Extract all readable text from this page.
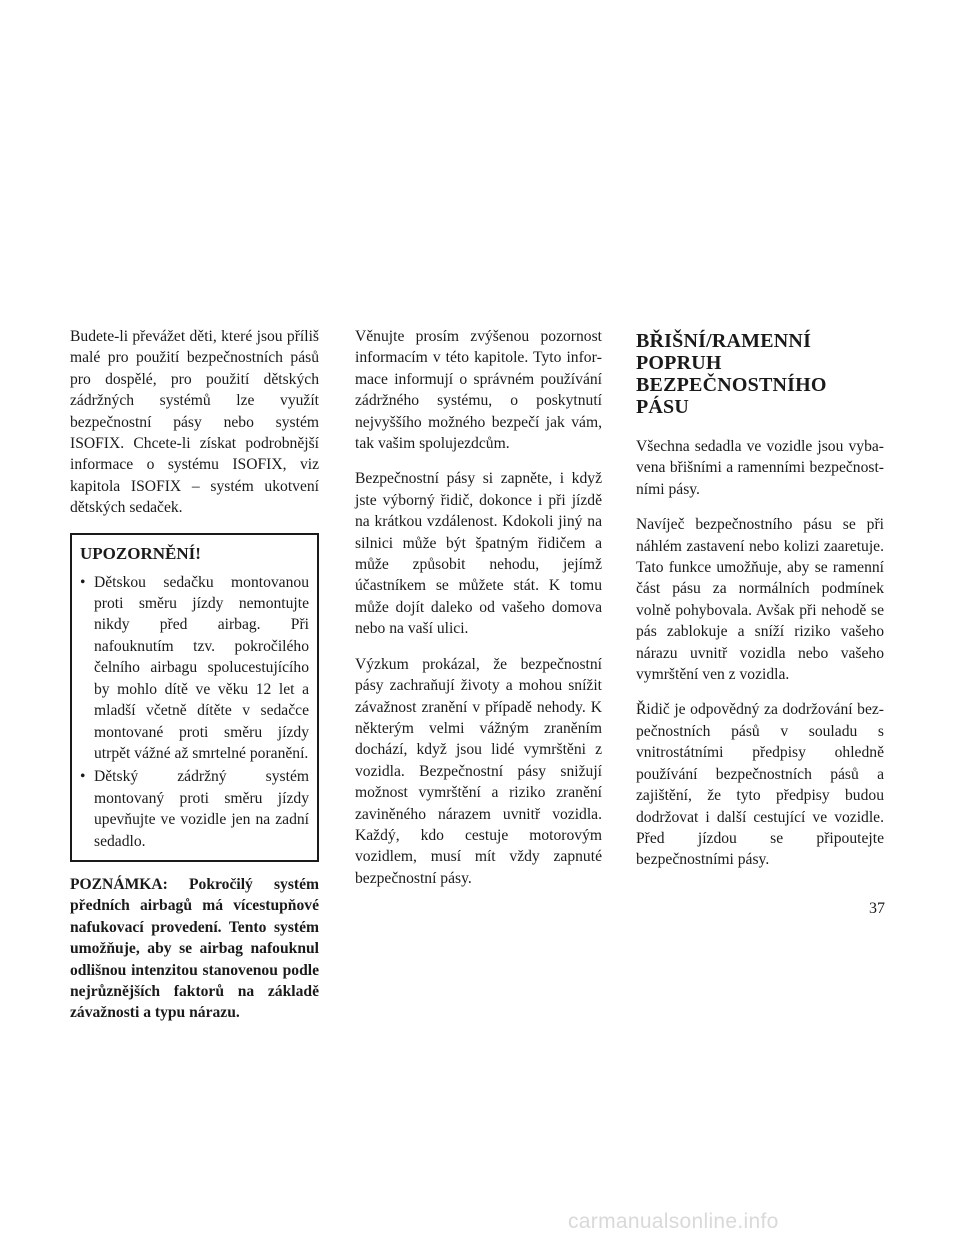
Budete-li převážet děti, které jsou příliš malé pro použití bezpečnostních pásů pro dospělé, pro použití dětských zádržných systémů lze využít bezpečnostní pásy nebo systém ISOFIX. Chcete-li získat podrobnější informace o systému ISOFIX, viz kapitola ISOFIX – systém ukotvení dětských sedaček.

UPOZORNĚNÍ!
• Dětskou sedačku montovanou proti směru jízdy nemontujte nikdy před airbag. Při nafouknutím tzv. pokročilého čelního airbagu spolucestujícího by mohlo dítě ve věku 12 let a mladší včetně dítěte v sedačce montované proti směru jízdy utrpět vážné až smrtelné poranění.
• Dětský zádržný systém montovaný proti směru jízdy upevňujte ve vozidle jen na zadní sedadlo.

POZNÁMKA: Pokročilý systém předních airbagů má vícestupňové nafukovací provedení. Tento systém umožňuje, aby se airbag nafouknul odlišnou intenzitou stanovenou podle nejrůznějších faktorů na základě závažnosti a typu nárazu.

Věnujte prosím zvýšenou pozornost informacím v této kapitole. Tyto informace informují o správném používání zádržného systému, o poskytnutí nejvyššího možného bezpečí jak vám, tak vašim spolujezdcům.

Bezpečnostní pásy si zapněte, i když jste výborný řidič, dokonce i při jízdě na krátkou vzdálenost. Kdokoli jiný na silnici může být špatným řidičem a může způsobit nehodu, jejímž účastníkem se můžete stát. K tomu může dojít daleko od vašeho domova nebo na vaší ulici.

Výzkum prokázal, že bezpečnostní pásy zachraňují životy a mohou snížit závažnost zranění v případě nehody. K některým velmi vážným zraněním dochází, když jsou lidé vymrštěni z vozidla. Bezpečnostní pásy snižují možnost vymrštění a riziko zranění zaviněného nárazem uvnitř vozidla. Každý, kdo cestuje motorovým vozidlem, musí mít vždy zapnuté bezpečnostní pásy.

BŘIŠNÍ/RAMENNÍ
POPRUH
BEZPEČNOSTNÍHO PÁSU

Všechna sedadla ve vozidle jsou vybavena břišními a ramenními bezpečnostními pásy.

Navíječ bezpečnostního pásu se při náhlém zastavení nebo kolizi zaaretuje. Tato funkce umožňuje, aby se ramenní část pásu za normálních podmínek volně pohybovala. Avšak při nehodě se pás zablokuje a sníží riziko vašeho nárazu uvnitř vozidla nebo vašeho vymrštění ven z vozidla.

Řidič je odpovědný za dodržování bezpečnostních pásů v souladu s vnitrostátními předpisy ohledně používání bezpečnostních pásů a zajištění, že tyto předpisy budou dodržovat i další cestující ve vozidle. Před jízdou se připoutejte bezpečnostními pásy.

37
carmanualsonline.info
